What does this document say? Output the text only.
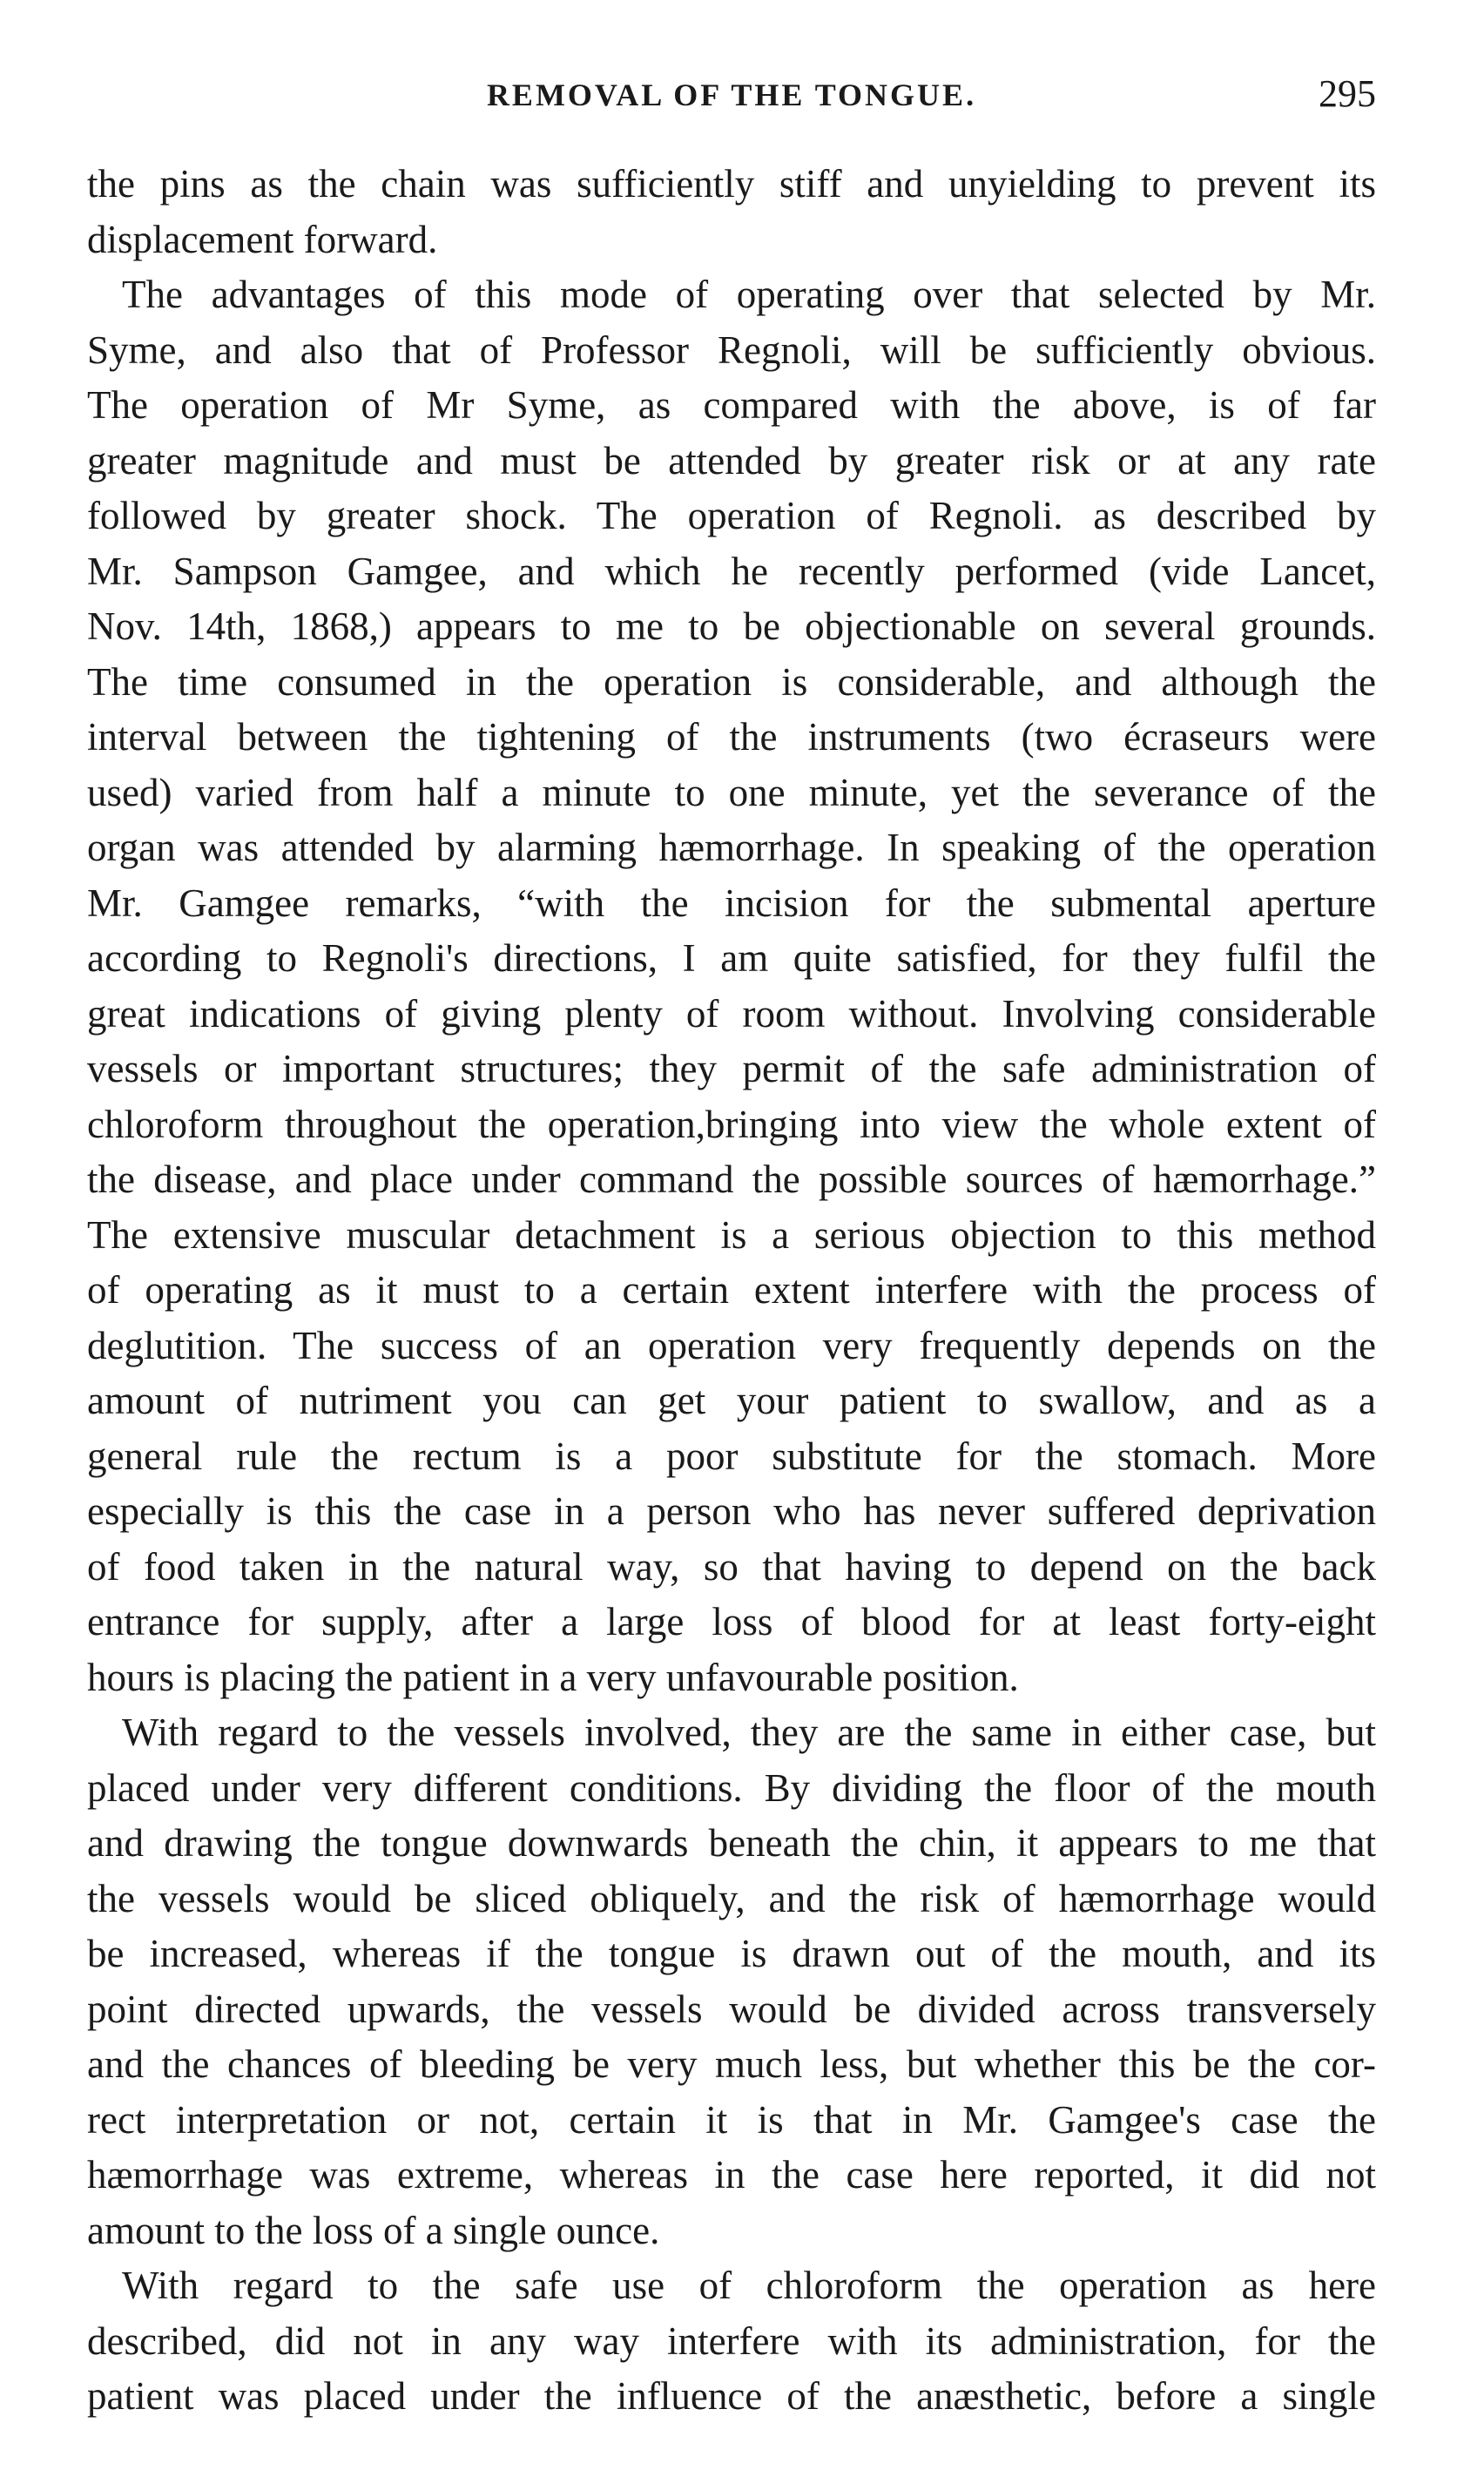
REMOVAL OF THE TONGUE.	295
the pins as the chain was sufficiently stiff and unyielding to prevent its
displacement forward.
The advantages of this mode of operating over that selected by Mr.
Syme, and also that of Professor Regnoli, will be sufficiently obvious.
The operation of Mr Syme, as compared with the above, is of far
greater magnitude and must be attended by greater risk or at any rate
followed by greater shock. The operation of Regnoli. as described by
Mr. Sampson Gamgee, and which he recently performed (vide Lancet,
Nov. 14th, 1868,) appears to me to be objectionable on several grounds.
The time consumed in the operation is considerable, and although the
interval between the tightening of the instruments (two écraseurs were
used) varied from half a minute to one minute, yet the severance of the
organ was attended by alarming hæmorrhage. In speaking of the operation
Mr. Gamgee remarks, “with the incision for the submental aperture
according to Regnoli's directions, I am quite satisfied, for they fulfil the
great indications of giving plenty of room without. Involving considerable
vessels or important structures; they permit of the safe administration of
chloroform throughout the operation,bringing into view the whole extent of
the disease, and place under command the possible sources of hæmorrhage.”
The extensive muscular detachment is a serious objection to this method
of operating as it must to a certain extent interfere with the process of
deglutition. The success of an operation very frequently depends on the
amount of nutriment you can get your patient to swallow, and as a
general rule the rectum is a poor substitute for the stomach. More
especially is this the case in a person who has never suffered deprivation
of food taken in the natural way, so that having to depend on the back
entrance for supply, after a large loss of blood for at least forty-eight
hours is placing the patient in a very unfavourable position.
With regard to the vessels involved, they are the same in either case, but
placed under very different conditions. By dividing the floor of the mouth
and drawing the tongue downwards beneath the chin, it appears to me that
the vessels would be sliced obliquely, and the risk of hæmorrhage would
be increased, whereas if the tongue is drawn out of the mouth, and its
point directed upwards, the vessels would be divided across transversely
and the chances of bleeding be very much less, but whether this be the cor-
rect interpretation or not, certain it is that in Mr. Gamgee's case the
hæmorrhage was extreme, whereas in the case here reported, it did not
amount to the loss of a single ounce.
With regard to the safe use of chloroform the operation as here
described, did not in any way interfere with its administration, for the
patient was placed under the influence of the anæsthetic, before a single
